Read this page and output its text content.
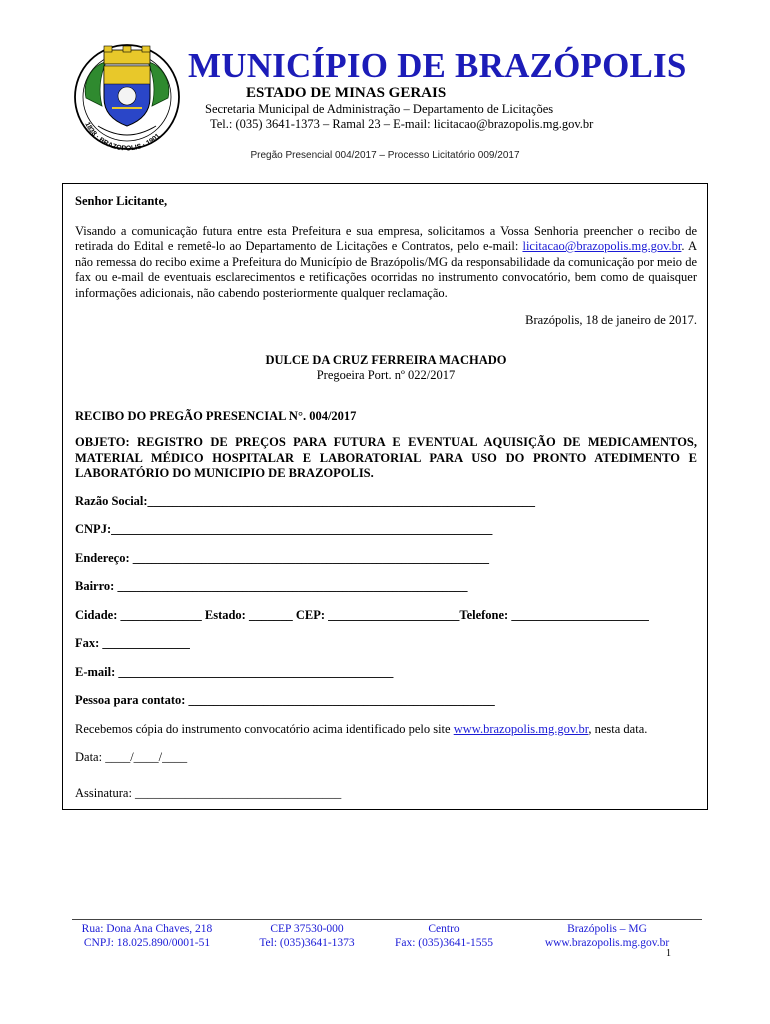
1838 · BRAZOPOLIS · 1901
MUNICÍPIO DE BRAZÓPOLIS
ESTADO DE MINAS GERAIS
Secretaria Municipal de Administração – Departamento de Licitações
Tel.: (035) 3641-1373 – Ramal 23 – E-mail: licitacao@brazopolis.mg.gov.br
Pregão Presencial 004/2017 – Processo Licitatório 009/2017

Senhor Licitante,

Visando a comunicação futura entre esta Prefeitura e sua empresa, solicitamos a Vossa Senhoria preencher o recibo de retirada do Edital e remetê-lo ao Departamento de Licitações e Contratos, pelo e-mail: licitacao@brazopolis.mg.gov.br. A não remessa do recibo exime a Prefeitura do Município de Brazópolis/MG da responsabilidade da comunicação por meio de fax ou e-mail de eventuais esclarecimentos e retificações ocorridas no instrumento convocatório, bem como de quaisquer informações adicionais, não cabendo posteriormente qualquer reclamação.

Brazópolis, 18 de janeiro de 2017.

DULCE DA CRUZ FERREIRA MACHADO

Pregoeira Port. nº 022/2017

RECIBO DO PREGÃO PRESENCIAL N°. 004/2017

OBJETO: REGISTRO DE PREÇOS PARA FUTURA E EVENTUAL AQUISIÇÃO DE MEDICAMENTOS, MATERIAL MÉDICO HOSPITALAR E LABORATORIAL PARA USO DO PRONTO ATEDIMENTO E LABORATÓRIO DO MUNICIPIO DE BRAZOPOLIS.

Razão Social:______________________________________________________________

CNPJ:_____________________________________________________________

Endereço: _________________________________________________________

Bairro: ________________________________________________________

Cidade: _____________ Estado: _______ CEP: _____________________Telefone: ______________________

Fax: ______________

E-mail: ____________________________________________

Pessoa para contato: _________________________________________________

Recebemos cópia do instrumento convocatório acima identificado pelo site www.brazopolis.mg.gov.br, nesta data.

Data: ____/____/____

Assinatura: _________________________________

Rua: Dona Ana Chaves, 218
CNPJ: 18.025.890/0001-51
CEP 37530-000
Tel: (035)3641-1373
Centro
Fax: (035)3641-1555
Brazópolis – MG
www.brazopolis.mg.gov.br
1
